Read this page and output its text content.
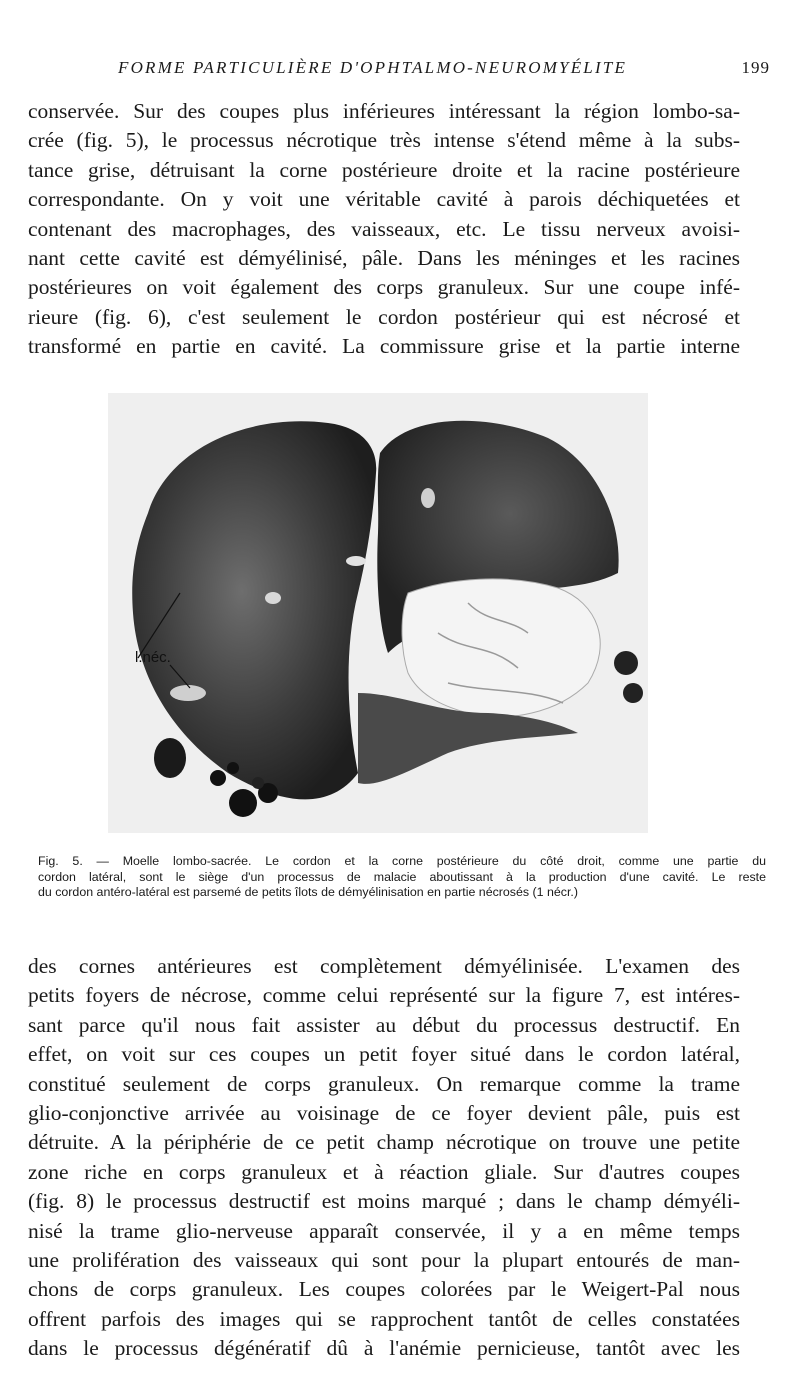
FORME PARTICULIÈRE D'OPHTALMO-NEUROMYÉLITE	199
conservée. Sur des coupes plus inférieures intéressant la région lombo-sa-
crée (fig. 5), le processus nécrotique très intense s'étend même à la subs-
tance grise, détruisant la corne postérieure droite et la racine postérieure
correspondante. On y voit une véritable cavité à parois déchiquetées et
contenant des macrophages, des vaisseaux, etc. Le tissu nerveux avoisi-
nant cette cavité est démyélinisé, pâle. Dans les méninges et les racines
postérieures on voit également des corps granuleux. Sur une coupe infé-
rieure (fig. 6), c'est seulement le cordon postérieur qui est nécrosé et
transformé en partie en cavité. La commissure grise et la partie interne
l.néc.
Fig. 5. — Moelle lombo-sacrée. Le cordon et la corne postérieure du côté droit, comme une partie du
cordon latéral, sont le siège d'un processus de malacie aboutissant à la production d'une cavité. Le reste
du cordon antéro-latéral est parsemé de petits îlots de démyélinisation en partie nécrosés (1 nécr.)
des cornes antérieures est complètement démyélinisée. L'examen des
petits foyers de nécrose, comme celui représenté sur la figure 7, est intéres-
sant parce qu'il nous fait assister au début du processus destructif. En
effet, on voit sur ces coupes un petit foyer situé dans le cordon latéral,
constitué seulement de corps granuleux. On remarque comme la trame
glio-conjonctive arrivée au voisinage de ce foyer devient pâle, puis est
détruite. A la périphérie de ce petit champ nécrotique on trouve une petite
zone riche en corps granuleux et à réaction gliale. Sur d'autres coupes
(fig. 8) le processus destructif est moins marqué ; dans le champ démyéli-
nisé la trame glio-nerveuse apparaît conservée, il y a en même temps
une prolifération des vaisseaux qui sont pour la plupart entourés de man-
chons de corps granuleux. Les coupes colorées par le Weigert-Pal nous
offrent parfois des images qui se rapprochent tantôt de celles constatées
dans le processus dégénératif dû à l'anémie pernicieuse, tantôt avec les
